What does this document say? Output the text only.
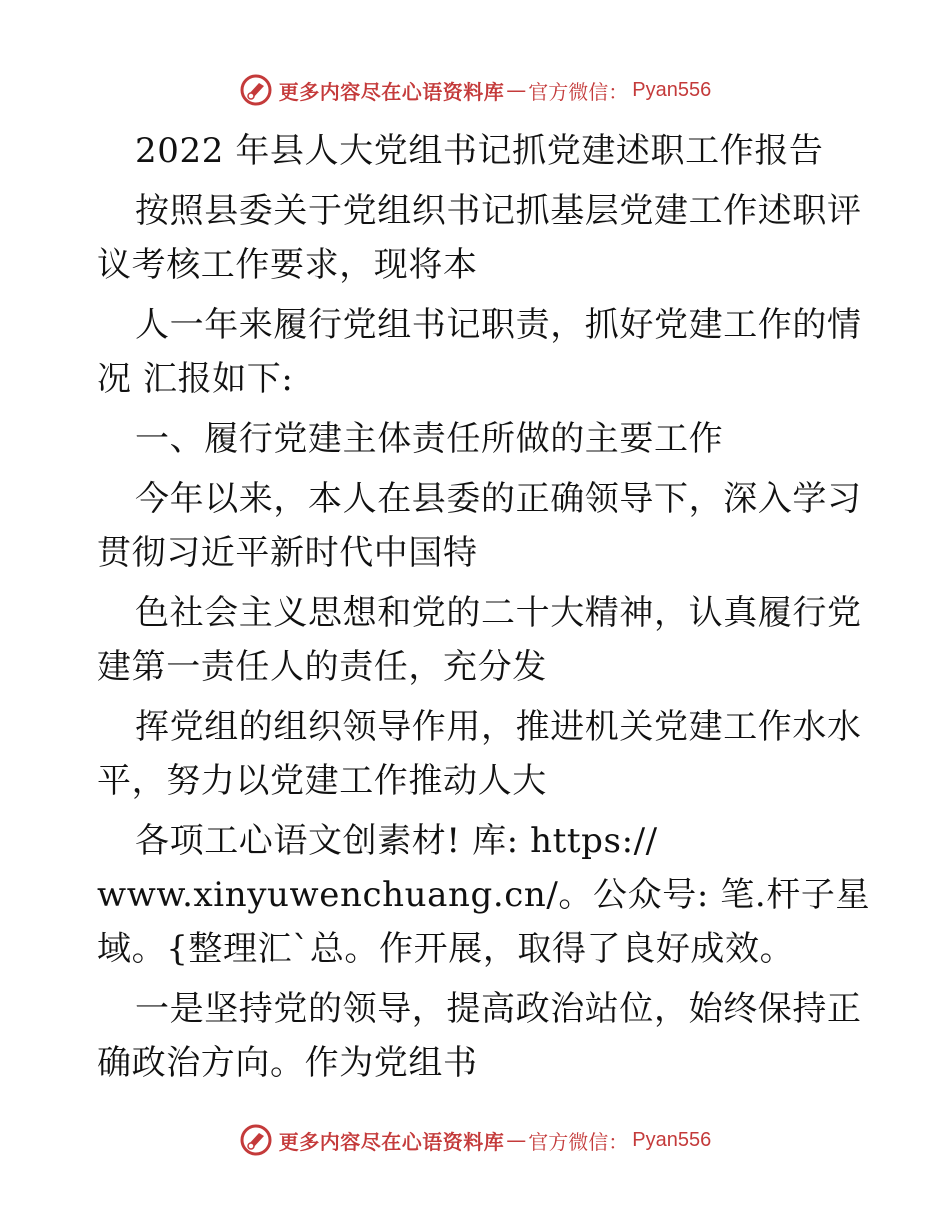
更多内容尽在心语资料库 — 官方微信： Pyan556
2022 年县人大党组书记抓党建述职工作报告
按照县委关于党组织书记抓基层党建工作述职评
议考核工作要求，现将本
人一年来履行党组书记职责，抓好党建工作的情
况 汇报如下:
一、履行党建主体责任所做的主要工作
今年以来，本人在县委的正确领导下，深入学习
贯彻习近平新时代中国特
色社会主义思想和党的二十大精神，认真履行党
建第一责任人的责任，充分发
挥党组的组织领导作用，推进机关党建工作水水
平，努力以党建工作推动人大
各项工心语文创素材! 库: https://
www.xinyuwenchuang.cn/。公众号: 笔.杆子星
域。{整理汇`总。作开展，取得了良好成效。
一是坚持党的领导，提高政治站位，始终保持正
确政治方向。作为党组书
更多内容尽在心语资料库 — 官方微信： Pyan556
